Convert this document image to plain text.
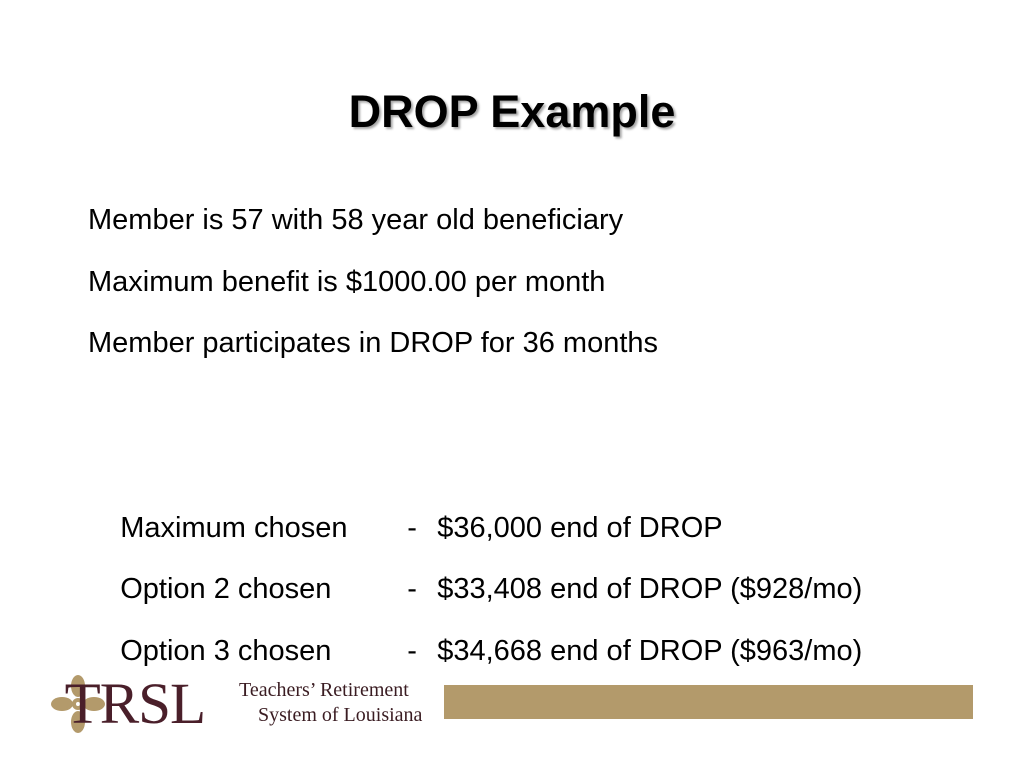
DROP Example
Member is 57 with 58 year old beneficiary
Maximum benefit is $1000.00 per month
Member participates in DROP for 36 months

Maximum chosen - $36,000 end of DROP

Option 2 chosen	- $33,408 end of DROP ($928/mo)

Option 3 chosen	- $34,668 end of DROP ($963/mo)

TRSL Teachers’ Retirement
System of Louisiana
